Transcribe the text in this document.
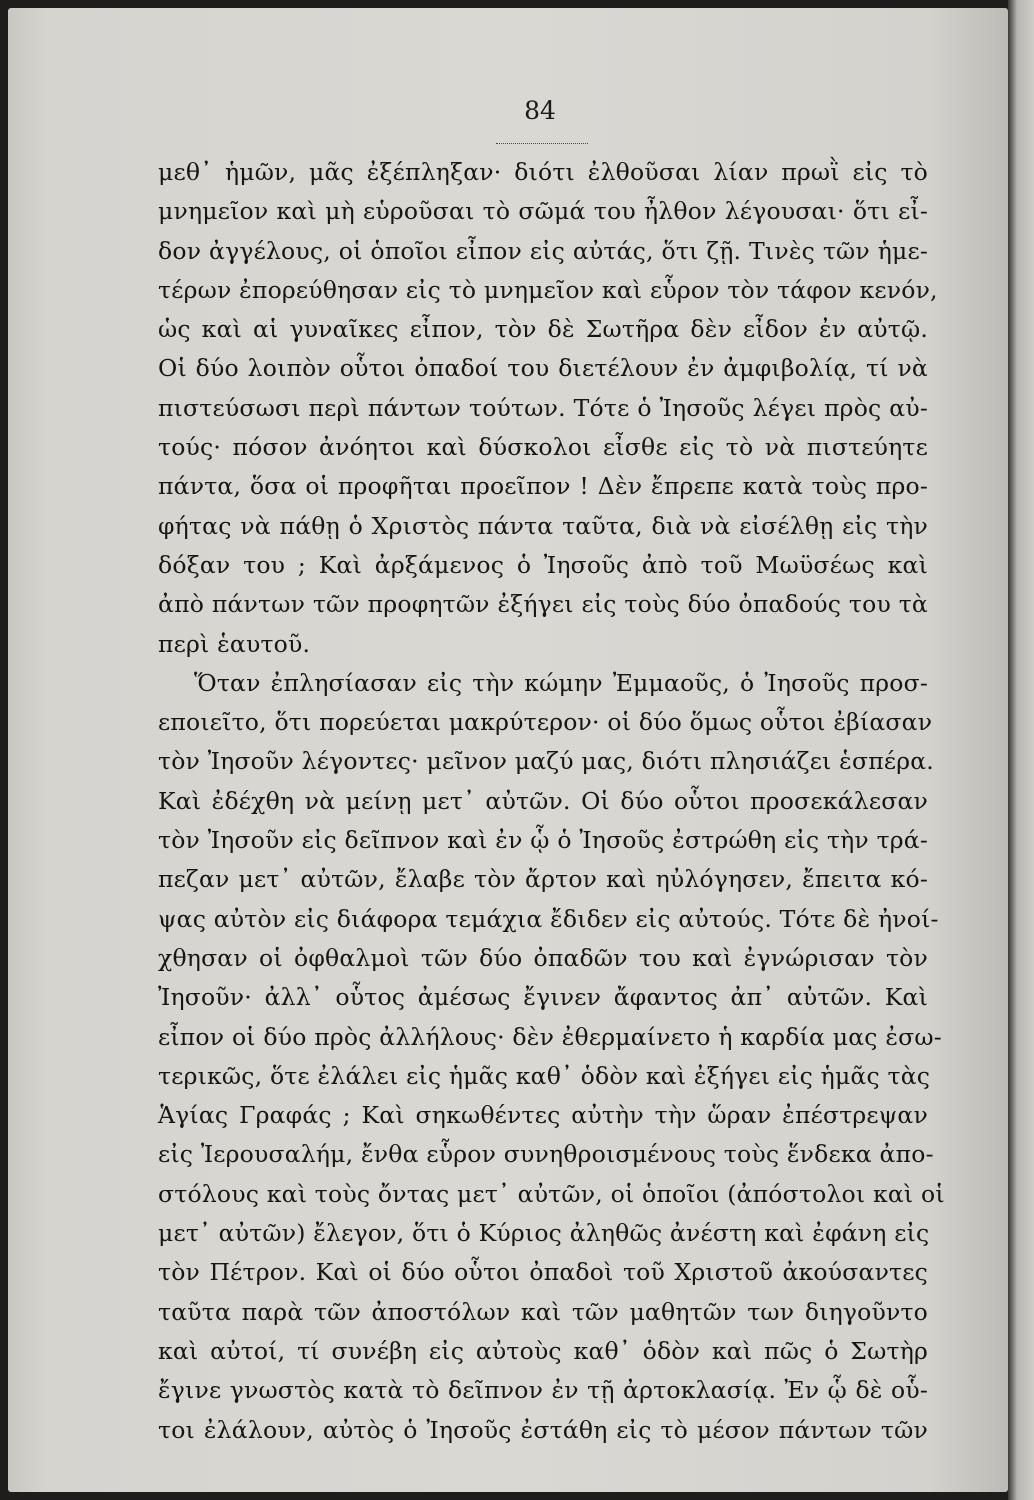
84

μεθ᾽ ἡμῶν, μᾶς ἐξέπληξαν· διότι ἐλθοῦσαι λίαν πρωῒ εἰς τὸ
μνημεῖον καὶ μὴ εὑροῦσαι τὸ σῶμά του ἦλθον λέγουσαι· ὅτι εἶ-
δον ἀγγέλους, οἱ ὁποῖοι εἶπον εἰς αὐτάς, ὅτι ζῇ. Τινὲς τῶν ἡμε-
τέρων ἐπορεύθησαν εἰς τὸ μνημεῖον καὶ εὗρον τὸν τάφον κενόν,
ὡς καὶ αἱ γυναῖκες εἶπον, τὸν δὲ Σωτῆρα δὲν εἶδον ἐν αὐτῷ.
Οἱ δύο λοιπὸν οὗτοι ὀπαδοί του διετέλουν ἐν ἀμφιβολίᾳ, τί νὰ
πιστεύσωσι περὶ πάντων τούτων. Τότε ὁ Ἰησοῦς λέγει πρὸς αὐ-
τούς· πόσον ἀνόητοι καὶ δύσκολοι εἶσθε εἰς τὸ νὰ πιστεύητε
πάντα, ὅσα οἱ προφῆται προεῖπον ! Δὲν ἔπρεπε κατὰ τοὺς προ-
φήτας νὰ πάθῃ ὁ Χριστὸς πάντα ταῦτα, διὰ νὰ εἰσέλθῃ εἰς τὴν
δόξαν του ; Καὶ ἀρξάμενος ὁ Ἰησοῦς ἀπὸ τοῦ Μωϋσέως καὶ
ἀπὸ πάντων τῶν προφητῶν ἐξήγει εἰς τοὺς δύο ὀπαδούς του τὰ
περὶ ἑαυτοῦ.
Ὅταν ἐπλησίασαν εἰς τὴν κώμην Ἐμμαοῦς, ὁ Ἰησοῦς προσ-
εποιεῖτο, ὅτι πορεύεται μακρύτερον· οἱ δύο ὅμως οὗτοι ἐβίασαν
τὸν Ἰησοῦν λέγοντες· μεῖνον μαζύ μας, διότι πλησιάζει ἑσπέρα.
Καὶ ἐδέχθη νὰ μείνῃ μετ᾽ αὐτῶν. Οἱ δύο οὗτοι προσεκάλεσαν
τὸν Ἰησοῦν εἰς δεῖπνον καὶ ἐν ᾧ ὁ Ἰησοῦς ἐστρώθη εἰς τὴν τρά-
πεζαν μετ᾽ αὐτῶν, ἔλαβε τὸν ἄρτον καὶ ηὐλόγησεν, ἔπειτα κό-
ψας αὐτὸν εἰς διάφορα τεμάχια ἔδιδεν εἰς αὐτούς. Τότε δὲ ἠνοί-
χθησαν οἱ ὀφθαλμοὶ τῶν δύο ὀπαδῶν του καὶ ἐγνώρισαν τὸν
Ἰησοῦν· ἀλλ᾽ οὗτος ἀμέσως ἔγινεν ἄφαντος ἀπ᾽ αὐτῶν. Καὶ
εἶπον οἱ δύο πρὸς ἀλλήλους· δὲν ἐθερμαίνετο ἡ καρδία μας ἐσω-
τερικῶς, ὅτε ἐλάλει εἰς ἡμᾶς καθ᾽ ὁδὸν καὶ ἐξήγει εἰς ἡμᾶς τὰς
Ἁγίας Γραφάς ; Καὶ σηκωθέντες αὐτὴν τὴν ὥραν ἐπέστρεψαν
εἰς Ἰερουσαλήμ, ἔνθα εὗρον συνηθροισμένους τοὺς ἕνδεκα ἀπο-
στόλους καὶ τοὺς ὄντας μετ᾽ αὐτῶν, οἱ ὁποῖοι (ἀπόστολοι καὶ οἱ
μετ᾽ αὐτῶν) ἔλεγον, ὅτι ὁ Κύριος ἀληθῶς ἀνέστη καὶ ἐφάνη εἰς
τὸν Πέτρον. Καὶ οἱ δύο οὗτοι ὀπαδοὶ τοῦ Χριστοῦ ἀκούσαντες
ταῦτα παρὰ τῶν ἀποστόλων καὶ τῶν μαθητῶν των διηγοῦντο
καὶ αὐτοί, τί συνέβη εἰς αὐτοὺς καθ᾽ ὁδὸν καὶ πῶς ὁ Σωτὴρ
ἔγινε γνωστὸς κατὰ τὸ δεῖπνον ἐν τῇ ἀρτοκλασίᾳ. Ἐν ᾧ δὲ οὗ-
τοι ἐλάλουν, αὐτὸς ὁ Ἰησοῦς ἐστάθη εἰς τὸ μέσον πάντων τῶν
